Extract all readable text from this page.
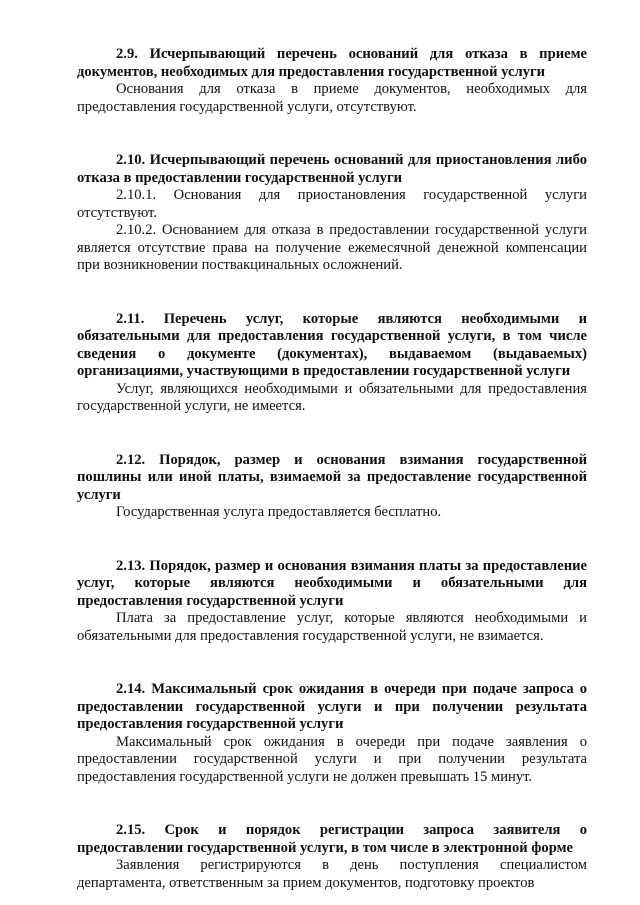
2.9. Исчерпывающий перечень оснований для отказа в приеме документов, необходимых для предоставления государственной услуги

Основания для отказа в приеме документов, необходимых для предоставления государственной услуги, отсутствуют.

2.10. Исчерпывающий перечень оснований для приостановления либо отказа в предоставлении государственной услуги

2.10.1. Основания для приостановления государственной услуги отсутствуют.

2.10.2. Основанием для отказа в предоставлении государственной услуги является отсутствие права на получение ежемесячной денежной компенсации при возникновении поствакцинальных осложнений.

2.11. Перечень услуг, которые являются необходимыми и обязательными для предоставления государственной услуги, в том числе сведения о документе (документах), выдаваемом (выдаваемых) организациями, участвующими в предоставлении государственной услуги

Услуг, являющихся необходимыми и обязательными для предоставления государственной услуги, не имеется.

2.12. Порядок, размер и основания взимания государственной пошлины или иной платы, взимаемой за предоставление государственной услуги

Государственная услуга предоставляется бесплатно.

2.13. Порядок, размер и основания взимания платы за предоставление услуг, которые являются необходимыми и обязательными для предоставления государственной услуги

Плата за предоставление услуг, которые являются необходимыми и обязательными для предоставления государственной услуги, не взимается.

2.14. Максимальный срок ожидания в очереди при подаче запроса о предоставлении государственной услуги и при получении результата предоставления государственной услуги

Максимальный срок ожидания в очереди при подаче заявления о предоставлении государственной услуги и при получении результата предоставления государственной услуги не должен превышать 15 минут.

2.15. Срок и порядок регистрации запроса заявителя о предоставлении государственной услуги, в том числе в электронной форме

Заявления регистрируются в день поступления специалистом департамента, ответственным за прием документов, подготовку проектов
